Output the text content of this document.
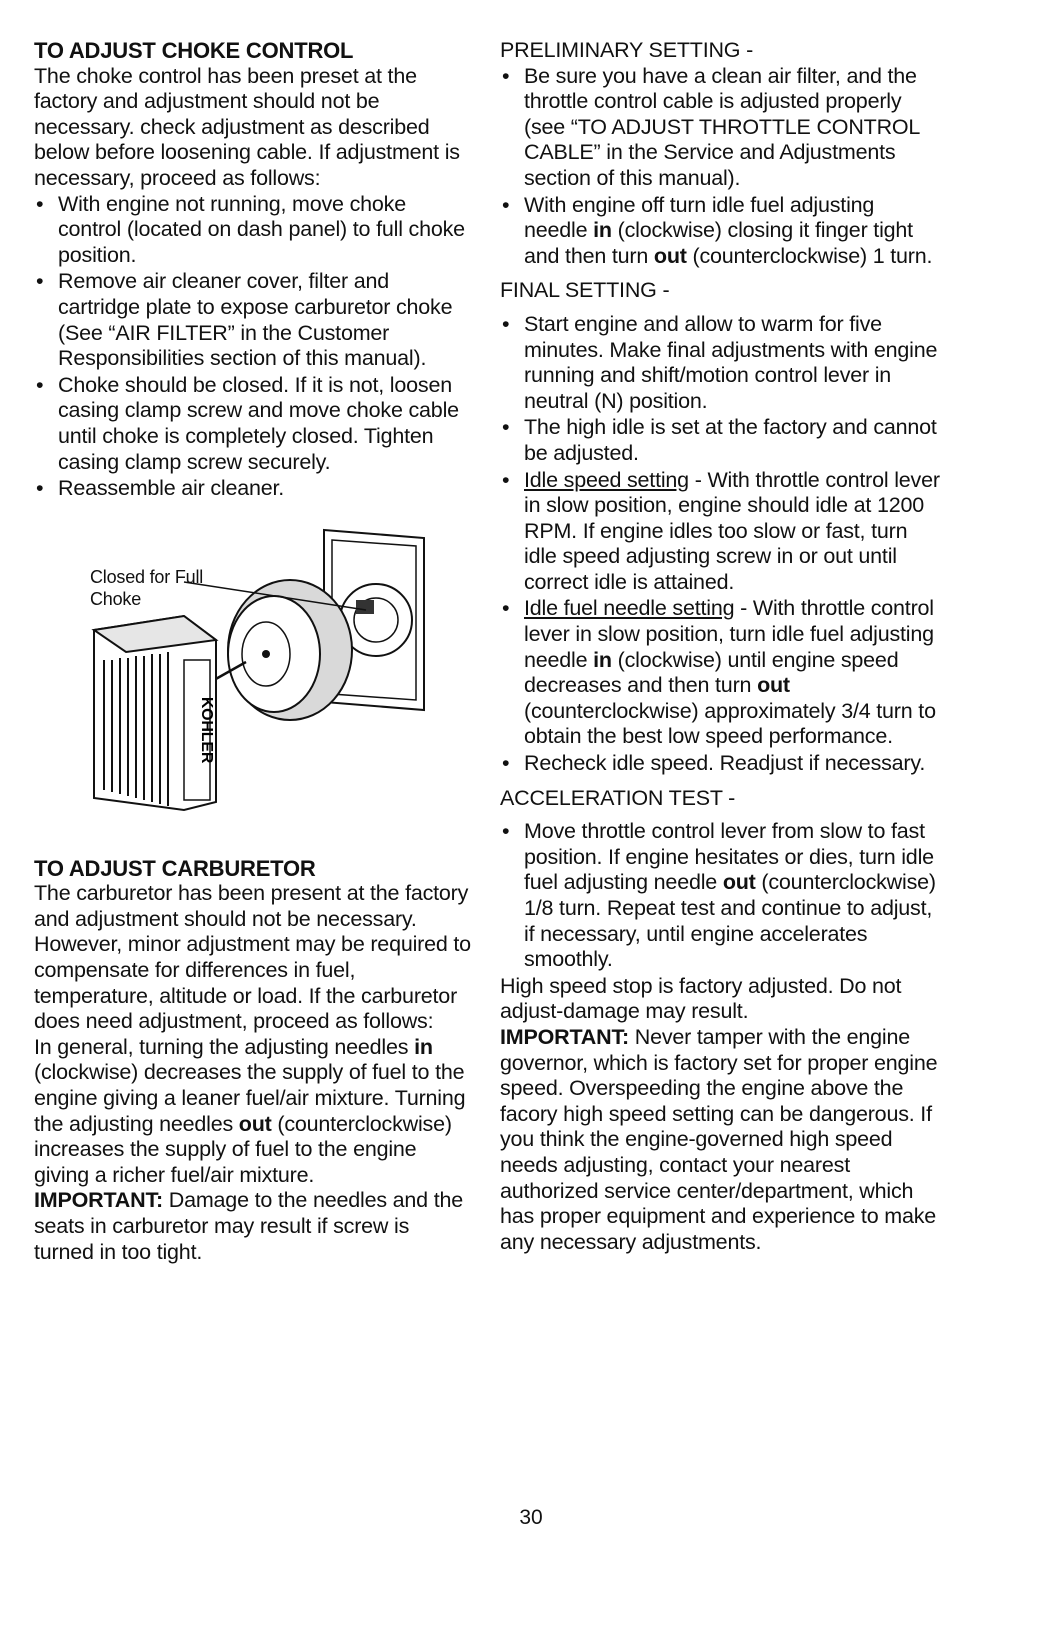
TO ADJUST CHOKE CONTROL

The choke control has been preset at the factory and adjustment should not be necessary. check adjustment as described below before loosening cable. If adjustment is necessary, proceed as follows:

• With engine not running, move choke control (located on dash panel) to full choke position.
• Remove air cleaner cover, filter and cartridge plate to expose carburetor choke (See “AIR FILTER” in the Customer Responsibilities section of this manual).
• Choke should be closed. If it is not, loosen casing clamp screw and move choke cable until choke is completely closed. Tighten casing clamp screw securely.
• Reassemble air cleaner.
KOHLER
Closed for Full Choke
TO ADJUST CARBURETOR

The carburetor has been present at the factory and adjustment should not be necessary. However, minor adjustment may be required to compensate for differences in fuel, temperature, altitude or load. If the carburetor does need adjustment, proceed as follows:

In general, turning the adjusting needles in (clockwise) decreases the supply of fuel to the engine giving a leaner fuel/air mixture. Turning the adjusting needles out (counterclockwise) increases the supply of fuel to the engine giving a richer fuel/air mixture.

IMPORTANT: Damage to the needles and the seats in carburetor may result if screw is turned in too tight.

PRELIMINARY SETTING -

• Be sure you have a clean air filter, and the throttle control cable is adjusted properly (see “TO ADJUST THROTTLE CONTROL CABLE” in the Service and Adjustments section of this manual).
• With engine off turn idle fuel adjusting needle in (clockwise) closing it finger tight and then turn out (counterclockwise) 1 turn.

FINAL SETTING -

• Start engine and allow to warm for five minutes. Make final adjustments with engine running and shift/motion control lever in neutral (N) position.
• The high idle is set at the factory and cannot be adjusted.
• Idle speed setting - With throttle control lever in slow position, engine should idle at 1200 RPM. If engine idles too slow or fast, turn idle speed adjusting screw in or out until correct idle is attained.
• Idle fuel needle setting - With throttle control lever in slow position, turn idle fuel adjusting needle in (clockwise) until engine speed decreases and then turn out (counterclockwise) approximately 3/4 turn to obtain the best low speed performance.
• Recheck idle speed. Readjust if necessary.

ACCELERATION TEST -

• Move throttle control lever from slow to fast position. If engine hesitates or dies, turn idle fuel adjusting needle out (counterclockwise) 1/8 turn. Repeat test and continue to adjust, if necessary, until engine accelerates smoothly.

High speed stop is factory adjusted. Do not adjust-damage may result.

IMPORTANT: Never tamper with the engine governor, which is factory set for proper engine speed. Overspeeding the engine above the facory high speed setting can be dangerous. If you think the engine-governed high speed needs adjusting, contact your nearest authorized service center/department, which has proper equipment and experience to make any necessary adjustments.

30
